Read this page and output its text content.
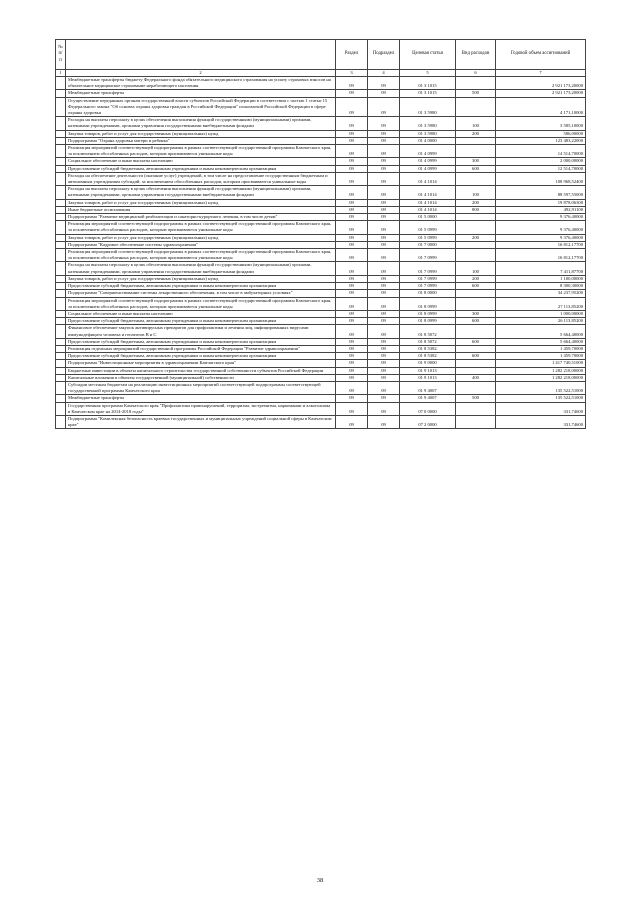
№ п/п		Раздел	Подраздел	Целевая статья	Вид расходов	Годовой объем ассигнований
1	2	3	4	5	6	7
	Межбюджетные трансферты бюджету Федерального фонда обязательного медицинского страхования на уплату страховых взносов на обязательное медицинское страхование неработающего населения	09	09	01 3 1015		2 921 173,20000
	Межбюджетные трансферты	09	09	01 3 1015	500	2 921 173,20000
	Осуществление переданных органам государственной власти субъектов Российской Федерации в соответствии с частью 1 статьи 15 Федерального закона "Об основах охраны здоровья граждан в Российской Федерации" полномочий Российской Федерации в сфере охраны здоровья	09	09	01 3 5980		4 171,10000
	Расходы на выплаты персоналу в целях обеспечения выполнения функций государственными (муниципальными) органами, казенными учреждениями, органами управления государственными внебюджетными фондами	09	09	01 3 5980	100	3 585,10000
	Закупка товаров, работ и услуг для государственных (муниципальных) нужд	09	09	01 3 5980	200	586,00000
	Подпрограмма "Охрана здоровья матери и ребенка"	09	09	01 4 0000		123 483,22000
	Реализация мероприятий соответствующей подпрограммы в рамках соответствующей государственной программы Камчатского края, за исключением обособленных расходов, которым присваиваются уникальные коды	09	09	01 4 0999		14 514,70000
	Социальное обеспечение и иные выплаты населению	09	09	01 4 0999	300	2 000,00000
	Предоставление субсидий бюджетным, автономным учреждениям и иным некоммерческим организациям	09	09	01 4 0999	600	12 514,70000
	Расходы на обеспечение деятельности (оказание услуг) учреждений, в том числе на предоставление государственным бюджетным и автономным учреждениям субсидий, за исключением обособленных расходов, которым присваиваются уникальные коды	09	09	01 4 1014		108 968,52400
	Расходы на выплаты персоналу в целях обеспечения выполнения функций государственными (муниципальными) органами, казенными учреждениями, органами управления государственными внебюджетными фондами	09	09	01 4 1014	100	88 597,55000
	Закупка товаров, работ и услуг для государственных (муниципальных) нужд	09	09	01 4 1014	200	19 878,06300
	Иные бюджетные ассигнования	09	09	01 4 1014	800	492,91100
	Подпрограмма "Развитие медицинской реабилитации и санаторно-курортного лечения, в том числе детям"	09	09	01 5 0000		9 376,40000
	Реализация мероприятий соответствующей подпрограммы в рамках соответствующей государственной программы Камчатского края, за исключением обособленных расходов, которым присваиваются уникальные коды	09	09	01 5 0999		9 376,40000
	Закупка товаров, работ и услуг для государственных (муниципальных) нужд	09	09	01 5 0999	200	9 376,40000
	Подпрограмма "Кадровое обеспечение системы здравоохранения"	09	09	01 7 0000		16 812,17700
	Реализация мероприятий соответствующей подпрограммы в рамках соответствующей государственной программы Камчатского края, за исключением обособленных расходов, которым присваиваются уникальные коды	09	09	01 7 0999		16 812,17700
	Расходы на выплаты персоналу в целях обеспечения выполнения функций государственными (муниципальными) органами, казенными учреждениями, органами управления государственными внебюджетными фондами	09	09	01 7 0999	100	7 411,87700
	Закупка товаров, работ и услуг для государственных (муниципальных) нужд	09	09	01 7 0999	200	1 100,00000
	Предоставление субсидий бюджетным, автономным учреждениям и иным некоммерческим организациям	09	09	01 7 0999	600	8 300,30000
	Подпрограмма "Совершенствование системы лекарственного обеспечения, в том числе в амбулаторных условиях"	09	09	01 8 0000		34 237,95200
	Реализация мероприятий соответствующей подпрограммы в рамках соответствующей государственной программы Камчатского края, за исключением обособленных расходов, которым присваиваются уникальные коды	09	09	01 8 0999		27 113,85200
	Социальное обеспечение и иные выплаты населению	09	09	01 8 0999	300	1 000,00000
	Предоставление субсидий бюджетным, автономным учреждениям и иным некоммерческим организациям	09	09	01 8 0999	600	26 113,85200
	Финансовое обеспечение закупок антивирусных препаратов для профилактики и лечения лиц, инфицированных вирусами иммунодефицита человека и гепатитов В и С	09	09	01 8 5072		5 664,40000
	Предоставление субсидий бюджетным, автономным учреждениям и иным некоммерческим организациям	09	09	01 8 5072	600	5 664,40000
	Реализация отдельных мероприятий государственной программы Российской Федерации "Развитие здравоохранения"	09	09	01 8 5382		1 459,70000
	Предоставление субсидий бюджетным, автономным учреждениям и иным некоммерческим организациям	09	09	01 8 5382	600	1 459,70000
	Подпрограмма "Инвестиционные мероприятия в здравоохранении Камчатского края"	09	09	01 9 0000		1 417 740,51000
	Бюджетные инвестиции в объекты капитального строительства государственной собственности субъектов Российской Федерации	09	09	01 9 1013		1 282 218,00000
	Капитальные вложения в объекты государственной (муниципальной) собственности	09	09	01 9 1013	400	1 282 218,00000
	Субсидии местным бюджетам на реализацию инвестиционных мероприятий соответствующей подпрограммы соответствующей государственной программы Камчатского края	09	09	01 9 4007		135 522,51000
	Межбюджетные трансферты	09	09	01 9 4007	500	135 522,51000
	Государственная программа Камчатского края "Профилактика правонарушений, терроризма, экстремизма, наркомании и алкоголизма в Камчатском крае на 2014-2018 годы"	09	09	07 0 0000		331,74600
	Подпрограмма "Комплексная безопасность краевых государственных и муниципальных учреждений социальной сферы в Камчатском крае"	09	09	07 2 0000		331,74600
38
